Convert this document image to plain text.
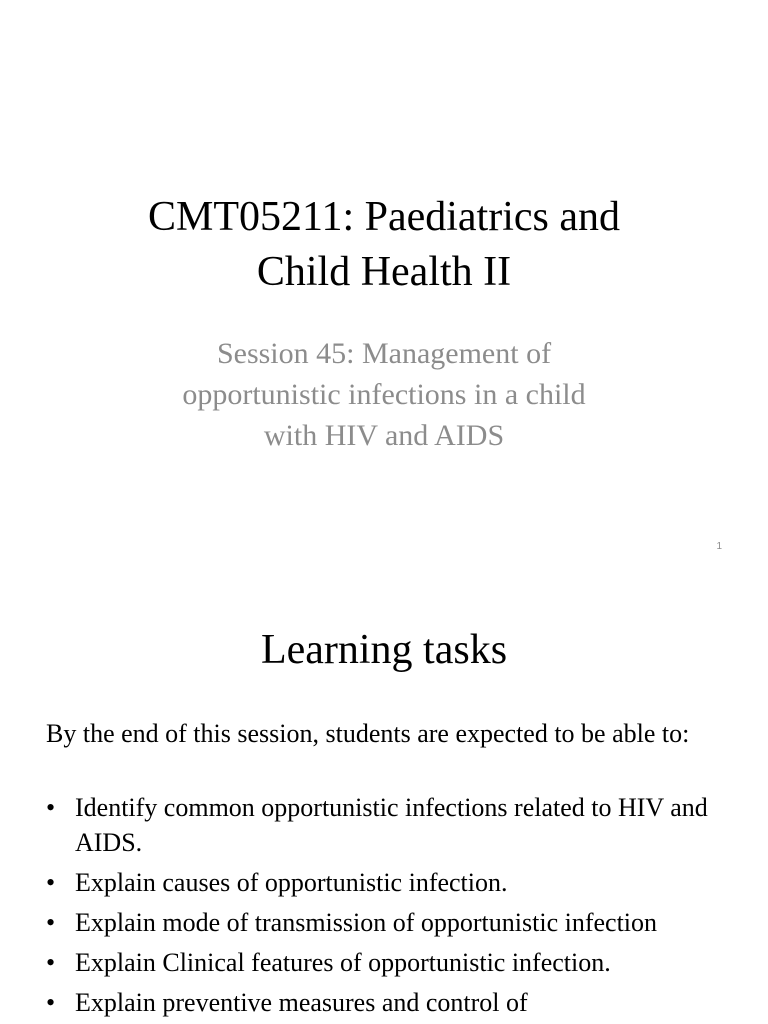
CMT05211: Paediatrics and
Child Health II

Session 45: Management of
opportunistic infections in a child
with HIV and AIDS

1
Learning tasks

By the end of this session, students are expected to be able to:

• Identify common opportunistic infections related to HIV and AIDS.
• Explain causes of opportunistic infection.
• Explain mode of transmission of opportunistic infection
• Explain Clinical features of opportunistic infection.
• Explain preventive measures and control of
